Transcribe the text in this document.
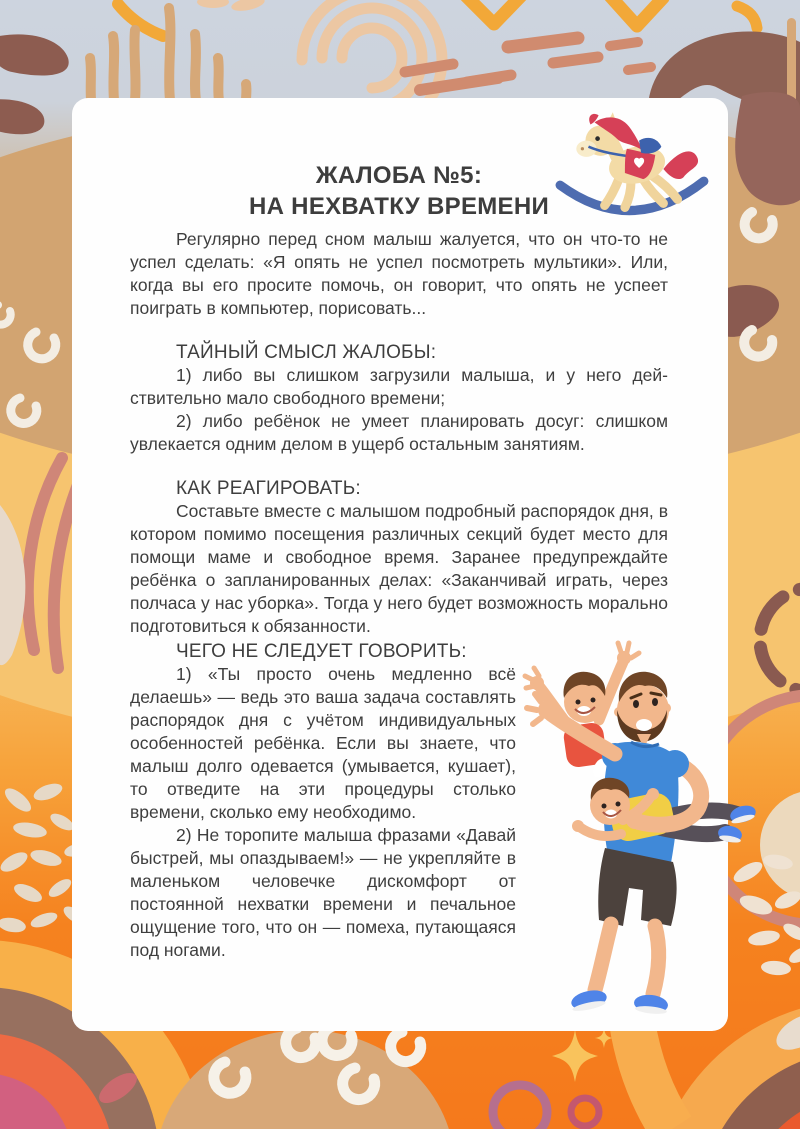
ЖАЛОБА №5:
НА НЕХВАТКУ ВРЕМЕНИ

Регулярно перед сном малыш жалуется, что он что-то не успел сделать: «Я опять не успел посмотреть мультики». Или, когда вы его просите помочь, он говорит, что опять не успеет поиграть в компьютер, порисовать...

ТАЙНЫЙ СМЫСЛ ЖАЛОБЫ:

1) либо вы слишком загрузили малыша, и у него действительно мало свободного времени;

2) либо ребёнок не умеет планировать досуг: слишком увлекается одним делом в ущерб остальным занятиям.

КАК РЕАГИРОВАТЬ:

Составьте вместе с малышом подробный распорядок дня, в котором помимо посещения различных секций будет место для помощи маме и свободное время. Заранее предупреждайте ребёнка о запланированных делах: «Заканчивай играть, через полчаса у нас уборка». Тогда у него будет возможность морально подготовиться к обязанности.

ЧЕГО НЕ СЛЕДУЕТ ГОВОРИТЬ:

1) «Ты просто очень медленно всё делаешь» — ведь это ваша задача составлять распорядок дня с учётом индивидуальных особенностей ребёнка. Если вы знаете, что малыш долго одевается (умывается, кушает), то отведите на эти процедуры столько времени, сколько ему необходимо.

2) Не торопите малыша фразами «Давай быстрей, мы опаздываем!» — не укрепляйте в маленьком человечке дискомфорт от постоянной нехватки времени и печальное ощущение того, что он — помеха, путающаяся под ногами.
